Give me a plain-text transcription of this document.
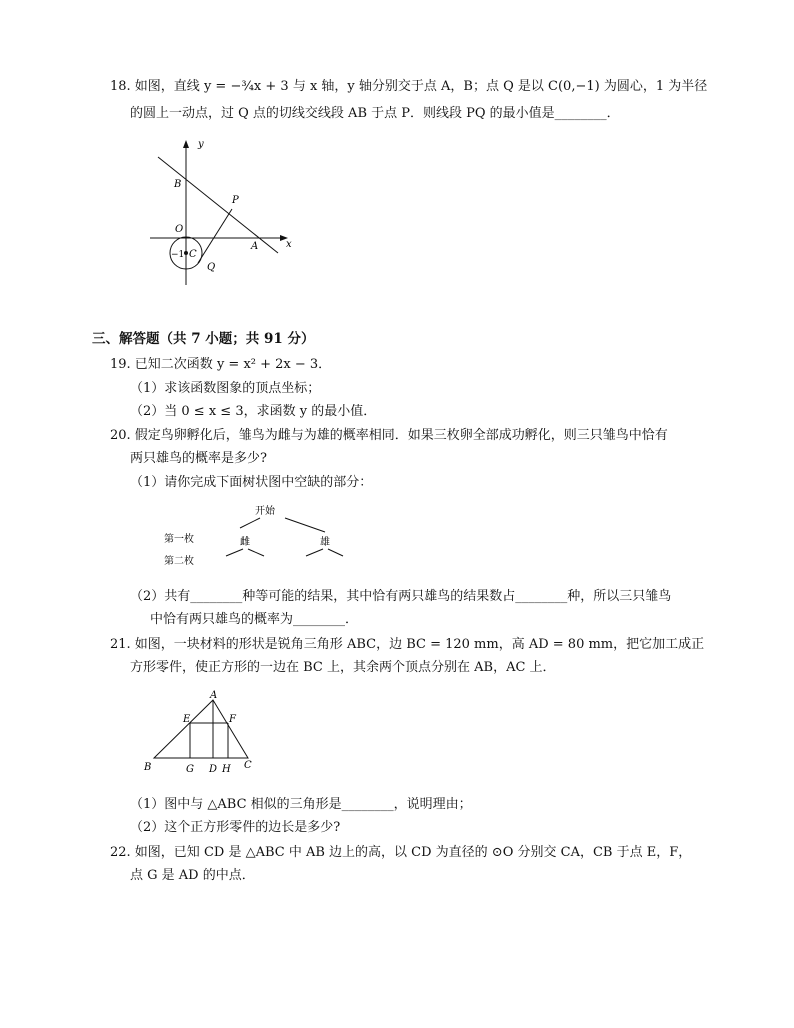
18. 如图，直线 y = −¾x + 3 与 x 轴，y 轴分别交于点 A，B；点 Q 是以 C(0,−1) 为圆心，1 为半径
的圆上一动点，过 Q 点的切线交线段 AB 于点 P．则线段 PQ 的最小值是________．
y
x
B
P
O
A
−1 C
Q
三、解答题（共 7 小题；共 91 分）
19. 已知二次函数 y = x² + 2x − 3．
（1）求该函数图象的顶点坐标；
（2）当 0 ≤ x ≤ 3，求函数 y 的最小值．
20. 假定鸟卵孵化后，雏鸟为雌与为雄的概率相同．如果三枚卵全部成功孵化，则三只雏鸟中恰有
两只雄鸟的概率是多少?
（1）请你完成下面树状图中空缺的部分：
开始
第一枚	雌	雄
第二枚
（2）共有________种等可能的结果，其中恰有两只雄鸟的结果数占________种，所以三只雏鸟
中恰有两只雄鸟的概率为________．
21. 如图，一块材料的形状是锐角三角形 ABC，边 BC = 120 mm，高 AD = 80 mm，把它加工成正
方形零件，使正方形的一边在 BC 上，其余两个顶点分别在 AB，AC 上．
A
E	F
B	G D H C
（1）图中与 △ABC 相似的三角形是________，说明理由；
（2）这个正方形零件的边长是多少?
22. 如图，已知 CD 是 △ABC 中 AB 边上的高，以 CD 为直径的 ⊙O 分别交 CA，CB 于点 E，F，
点 G 是 AD 的中点．
